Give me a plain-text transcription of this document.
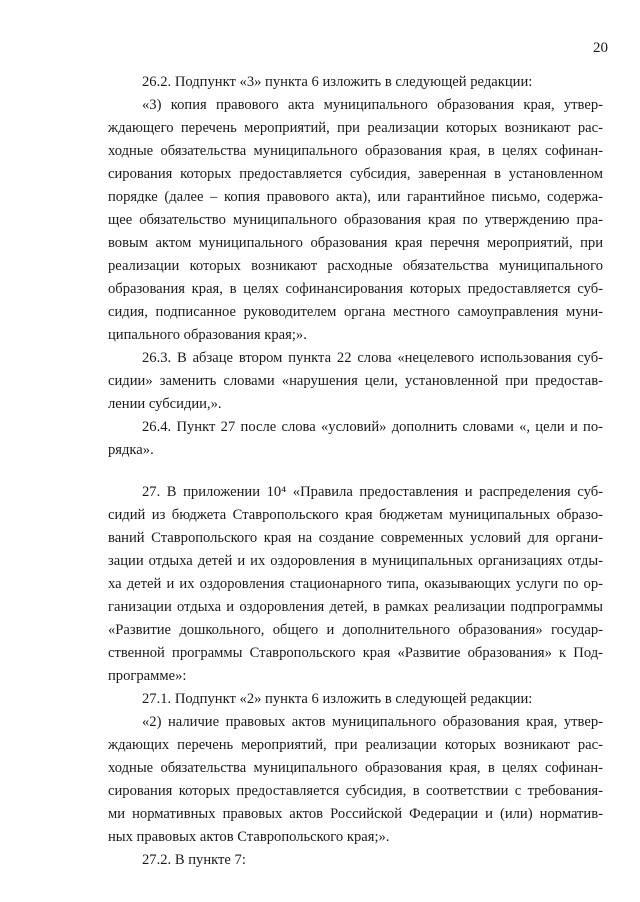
20
26.2. Подпункт «3» пункта 6 изложить в следующей редакции:
«3) копия правового акта муниципального образования края, утвер-
ждающего перечень мероприятий, при реализации которых возникают рас-
ходные обязательства муниципального образования края, в целях софинан-
сирования которых предоставляется субсидия, заверенная в установленном
порядке (далее – копия правового акта), или гарантийное письмо, содержа-
щее обязательство муниципального образования края по утверждению пра-
вовым актом муниципального образования края перечня мероприятий, при
реализации которых возникают расходные обязательства муниципального
образования края, в целях софинансирования которых предоставляется суб-
сидия, подписанное руководителем органа местного самоуправления муни-
ципального образования края;».
26.3. В абзаце втором пункта 22 слова «нецелевого использования суб-
сидии» заменить словами «нарушения цели, установленной при предостав-
лении субсидии,».
26.4. Пункт 27 после слова «условий» дополнить словами «, цели и по-
рядка».
27. В приложении 10⁴ «Правила предоставления и распределения суб-
сидий из бюджета Ставропольского края бюджетам муниципальных образо-
ваний Ставропольского края на создание современных условий для органи-
зации отдыха детей и их оздоровления в муниципальных организациях отды-
ха детей и их оздоровления стационарного типа, оказывающих услуги по ор-
ганизации отдыха и оздоровления детей, в рамках реализации подпрограммы
«Развитие дошкольного, общего и дополнительного образования» государ-
ственной программы Ставропольского края «Развитие образования» к Под-
программе»:
27.1. Подпункт «2» пункта 6 изложить в следующей редакции:
«2) наличие правовых актов муниципального образования края, утвер-
ждающих перечень мероприятий, при реализации которых возникают рас-
ходные обязательства муниципального образования края, в целях софинан-
сирования которых предоставляется субсидия, в соответствии с требования-
ми нормативных правовых актов Российской Федерации и (или) норматив-
ных правовых актов Ставропольского края;».
27.2. В пункте 7:
